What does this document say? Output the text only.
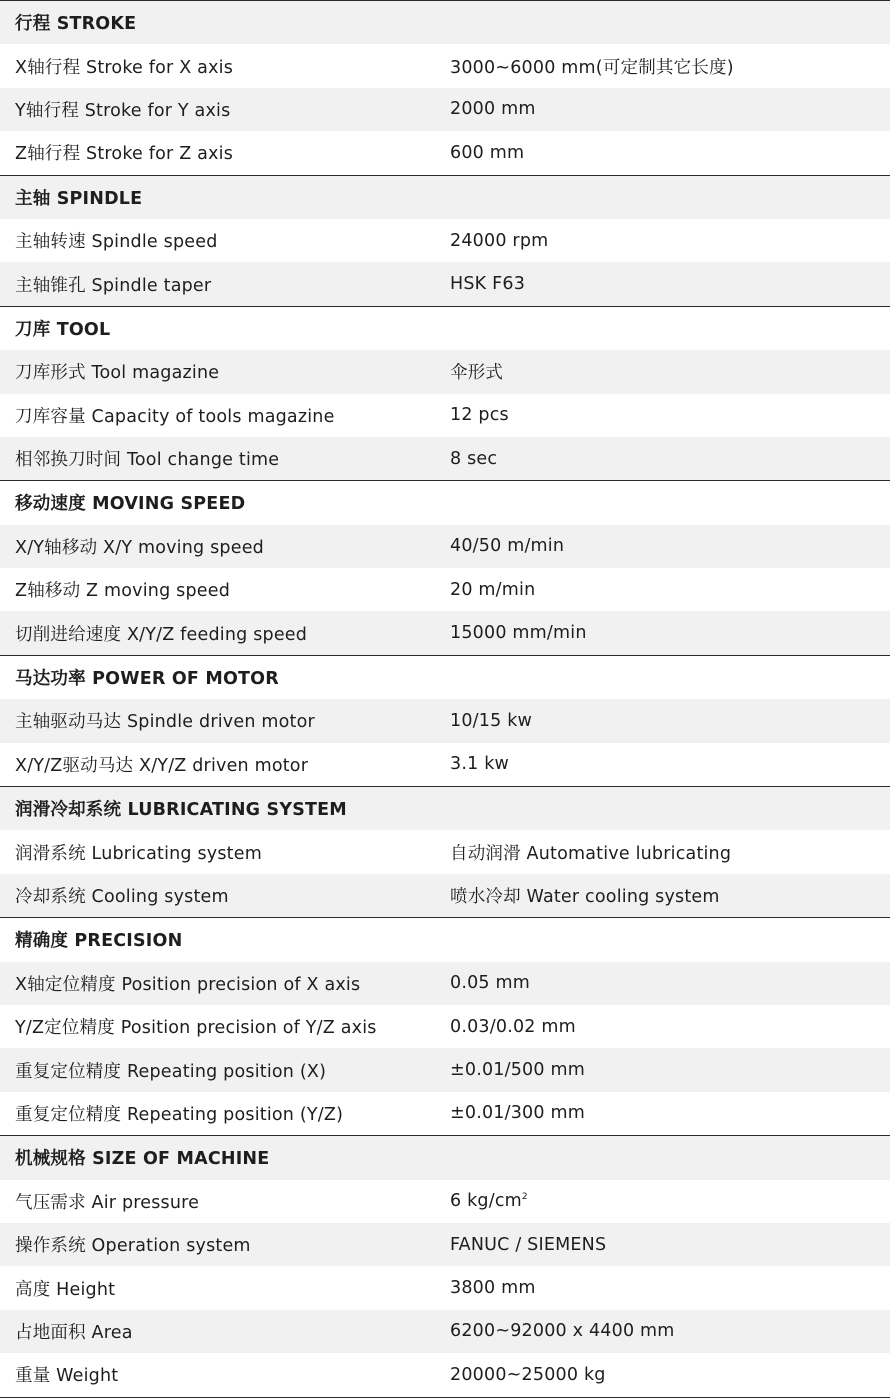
行程 STROKE
X轴行程 Stroke for X axis	3000~6000 mm(可定制其它长度)
Y轴行程 Stroke for Y axis	2000 mm
Z轴行程 Stroke for Z axis	600 mm
主轴 SPINDLE
主轴转速 Spindle speed	24000 rpm
主轴锥孔 Spindle taper	HSK F63
刀库 TOOL
刀库形式 Tool magazine	伞形式
刀库容量 Capacity of tools magazine	12 pcs
相邻换刀时间 Tool change time	8 sec
移动速度 MOVING SPEED
X/Y轴移动 X/Y moving speed	40/50 m/min
Z轴移动 Z moving speed	20 m/min
切削进给速度 X/Y/Z feeding speed	15000 mm/min
马达功率 POWER OF MOTOR
主轴驱动马达 Spindle driven motor	10/15 kw
X/Y/Z驱动马达 X/Y/Z driven motor	3.1 kw
润滑冷却系统 LUBRICATING SYSTEM
润滑系统 Lubricating system	自动润滑 Automative lubricating
冷却系统 Cooling system	喷水冷却 Water cooling system
精确度 PRECISION
X轴定位精度 Position precision of X axis	0.05 mm
Y/Z定位精度 Position precision of Y/Z axis	0.03/0.02 mm
重复定位精度 Repeating position (X)	±0.01/500 mm
重复定位精度 Repeating position (Y/Z)	±0.01/300 mm
机械规格 SIZE OF MACHINE
气压需求 Air pressure	6 $kg/cm^2$
操作系统 Operation system	FANUC / SIEMENS
高度 Height	3800 mm
占地面积 Area	6200~92000 x 4400 mm
重量 Weight	20000~25000 kg
